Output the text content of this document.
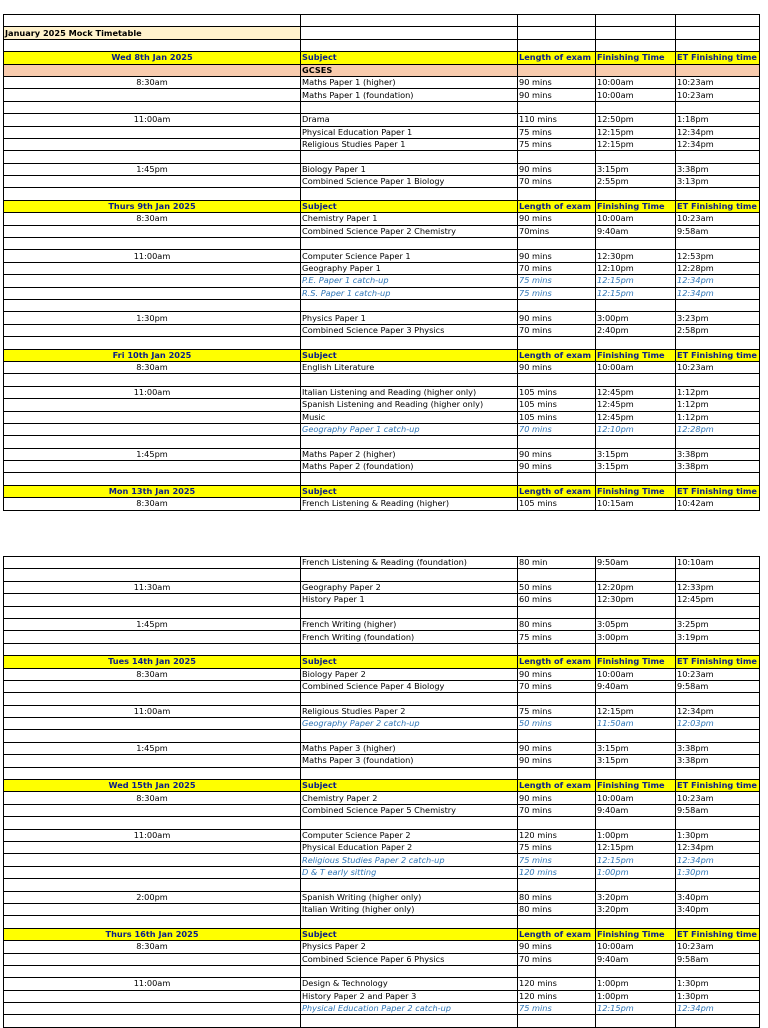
January 2025 Mock Timetable				

Wed 8th Jan 2025	Subject	Length of exam	Finishing Time	ET Finishing time
	GCSES			
8:30am	Maths Paper 1 (higher)	90 mins	10:00am	10:23am
	Maths Paper 1 (foundation)	90 mins	10:00am	10:23am

11:00am	Drama	110 mins	12:50pm	1:18pm
	Physical Education Paper 1	75 mins	12:15pm	12:34pm
	Religious Studies Paper 1	75 mins	12:15pm	12:34pm

1:45pm	Biology Paper 1	90 mins	3:15pm	3:38pm
	Combined Science Paper 1 Biology	70 mins	2:55pm	3:13pm

Thurs 9th Jan 2025	Subject	Length of exam	Finishing Time	ET Finishing time
8:30am	Chemistry Paper 1	90 mins	10:00am	10:23am
	Combined Science Paper 2 Chemistry	70mins	9:40am	9:58am

11:00am	Computer Science Paper 1	90 mins	12:30pm	12:53pm
	Geography Paper 1	70 mins	12:10pm	12:28pm
	P.E. Paper 1 catch-up	75 mins	12:15pm	12:34pm
	R.S. Paper 1 catch-up	75 mins	12:15pm	12:34pm

1:30pm	Physics Paper 1	90 mins	3:00pm	3:23pm
	Combined Science Paper 3 Physics	70 mins	2:40pm	2:58pm

Fri 10th Jan 2025	Subject	Length of exam	Finishing Time	ET Finishing time
8:30am	English Literature	90 mins	10:00am	10:23am

11:00am	Italian Listening and Reading (higher only)	105 mins	12:45pm	1:12pm
	Spanish Listening and Reading (higher only)	105 mins	12:45pm	1:12pm
	Music	105 mins	12:45pm	1:12pm
	Geography Paper 1 catch-up	70 mins	12:10pm	12:28pm

1:45pm	Maths Paper 2 (higher)	90 mins	3:15pm	3:38pm
	Maths Paper 2 (foundation)	90 mins	3:15pm	3:38pm

Mon 13th Jan 2025	Subject	Length of exam	Finishing Time	ET Finishing time
8:30am	French Listening & Reading (higher)	105 mins	10:15am	10:42am
	French Listening & Reading (foundation)	80 min	9:50am	10:10am

11:30am	Geography Paper 2	50 mins	12:20pm	12:33pm
	History Paper 1	60 mins	12:30pm	12:45pm

1:45pm	French Writing (higher)	80 mins	3:05pm	3:25pm
	French Writing (foundation)	75 mins	3:00pm	3:19pm

Tues 14th Jan 2025	Subject	Length of exam	Finishing Time	ET Finishing time
8:30am	Biology Paper 2	90 mins	10:00am	10:23am
	Combined Science Paper 4 Biology	70 mins	9:40am	9:58am

11:00am	Religious Studies Paper 2	75 mins	12:15pm	12:34pm
	Geography Paper 2 catch-up	50 mins	11:50am	12:03pm

1:45pm	Maths Paper 3 (higher)	90 mins	3:15pm	3:38pm
	Maths Paper 3 (foundation)	90 mins	3:15pm	3:38pm

Wed 15th Jan 2025	Subject	Length of exam	Finishing Time	ET Finishing time
8:30am	Chemistry Paper 2	90 mins	10:00am	10:23am
	Combined Science Paper 5 Chemistry	70 mins	9:40am	9:58am

11:00am	Computer Science Paper 2	120 mins	1:00pm	1:30pm
	Physical Education Paper 2	75 mins	12:15pm	12:34pm
	Religious Studies Paper 2 catch-up	75 mins	12:15pm	12:34pm
	D & T early sitting	120 mins	1:00pm	1:30pm

2:00pm	Spanish Writing (higher only)	80 mins	3:20pm	3:40pm
	Italian Writing (higher only)	80 mins	3:20pm	3:40pm

Thurs 16th Jan 2025	Subject	Length of exam	Finishing Time	ET Finishing time
8:30am	Physics Paper 2	90 mins	10:00am	10:23am
	Combined Science Paper 6 Physics	70 mins	9:40am	9:58am

11:00am	Design & Technology	120 mins	1:00pm	1:30pm
	History Paper 2 and Paper 3	120 mins	1:00pm	1:30pm
	Physical Education Paper 2 catch-up	75 mins	12:15pm	12:34pm
